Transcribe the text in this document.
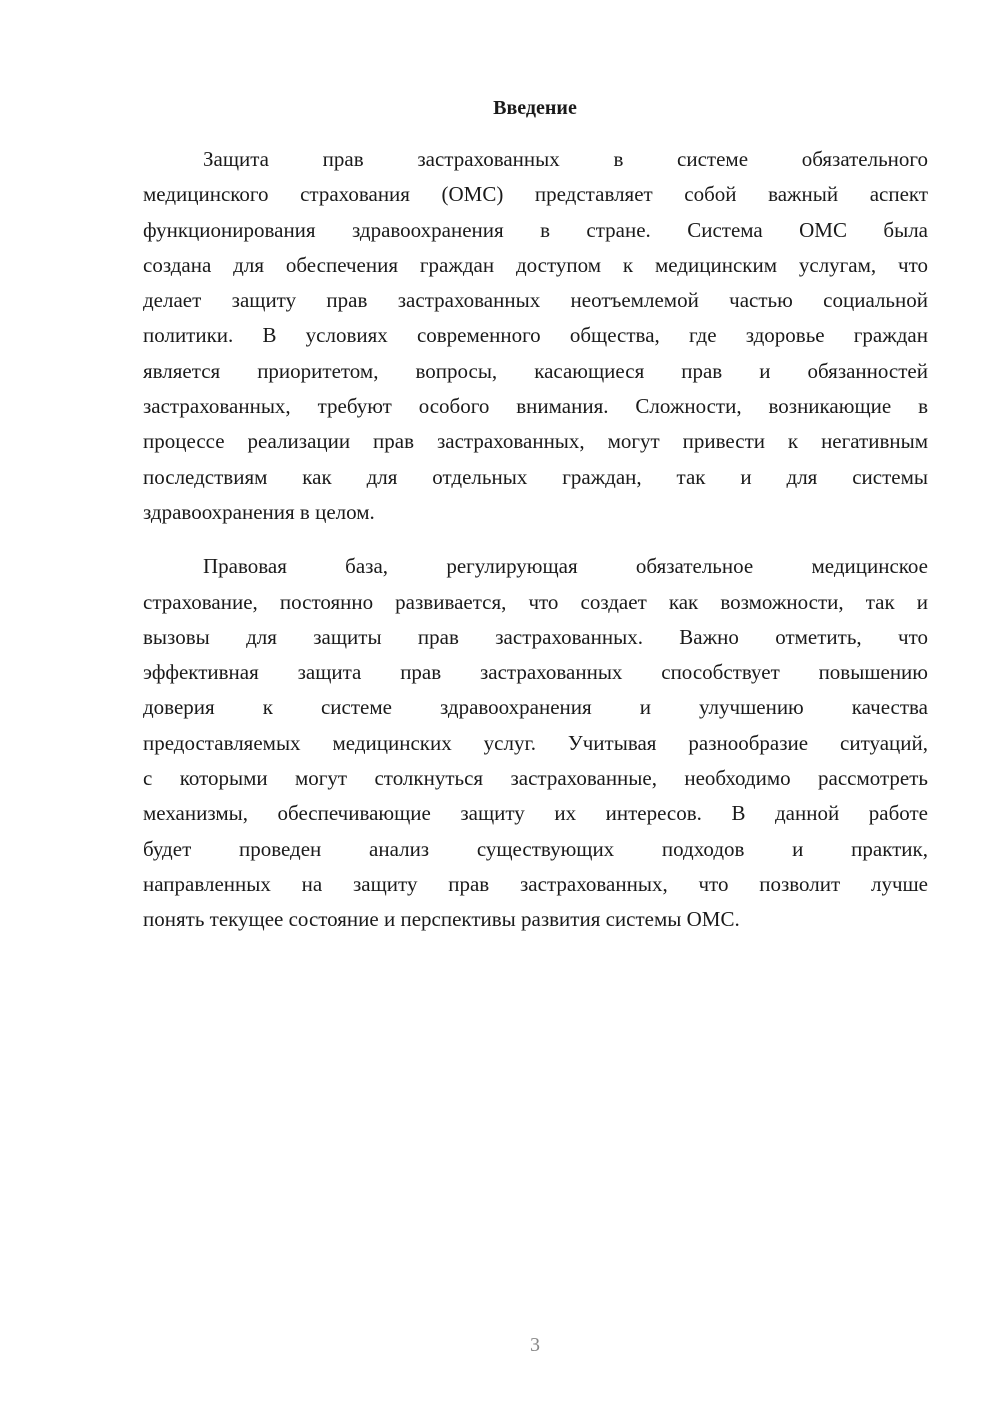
Введение
Защита прав застрахованных в системе обязательного
медицинского страхования (ОМС) представляет собой важный аспект
функционирования здравоохранения в стране. Система ОМС была
создана для обеспечения граждан доступом к медицинским услугам, что
делает защиту прав застрахованных неотъемлемой частью социальной
политики. В условиях современного общества, где здоровье граждан
является приоритетом, вопросы, касающиеся прав и обязанностей
застрахованных, требуют особого внимания. Сложности, возникающие в
процессе реализации прав застрахованных, могут привести к негативным
последствиям как для отдельных граждан, так и для системы
здравоохранения в целом.
Правовая база, регулирующая обязательное медицинское
страхование, постоянно развивается, что создает как возможности, так и
вызовы для защиты прав застрахованных. Важно отметить, что
эффективная защита прав застрахованных способствует повышению
доверия к системе здравоохранения и улучшению качества
предоставляемых медицинских услуг. Учитывая разнообразие ситуаций,
с которыми могут столкнуться застрахованные, необходимо рассмотреть
механизмы, обеспечивающие защиту их интересов. В данной работе
будет проведен анализ существующих подходов и практик,
направленных на защиту прав застрахованных, что позволит лучше
понять текущее состояние и перспективы развития системы ОМС.
3
